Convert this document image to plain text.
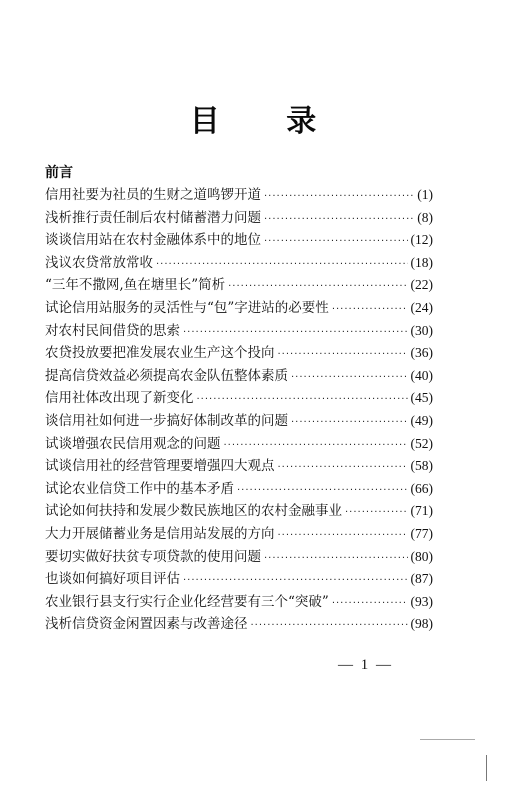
目 录
前言
信用社要为社员的生财之道鸣锣开道 ·····	(1)
浅析推行责任制后农村储蓄潜力问题 ·····	(8)
谈谈信用站在农村金融体系中的地位 ·····	(12)
浅议农贷常放常收 ·····	(18)
“三年不撒网,鱼在塘里长”简析 ·····	(22)
试论信用站服务的灵活性与“包”字进站的必要性 ·····	(24)
对农村民间借贷的思索 ·····	(30)
农贷投放要把准发展农业生产这个投向 ·····	(36)
提高信贷效益必须提高农金队伍整体素质 ·····	(40)
信用社体改出现了新变化 ·····	(45)
谈信用社如何进一步搞好体制改革的问题 ·····	(49)
试谈增强农民信用观念的问题 ·····	(52)
试谈信用社的经营管理要增强四大观点 ·····	(58)
试论农业信贷工作中的基本矛盾 ·····	(66)
试论如何扶持和发展少数民族地区的农村金融事业 ·····	(71)
大力开展储蓄业务是信用站发展的方向 ·····	(77)
要切实做好扶贫专项贷款的使用问题 ·····	(80)
也谈如何搞好项目评估 ·····	(87)
农业银行县支行实行企业化经营要有三个“突破” ·····	(93)
浅析信贷资金闲置因素与改善途径 ·····	(98)
— 1 —
